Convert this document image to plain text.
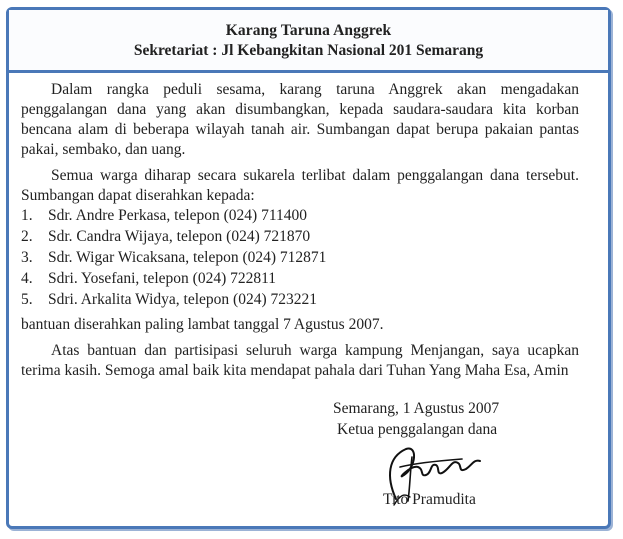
Karang Taruna Anggrek
Sekretariat : Jl Kebangkitan Nasional 201 Semarang

Dalam rangka peduli sesama, karang taruna Anggrek akan mengadakan penggalangan dana yang akan disumbangkan, kepada saudara-saudara kita korban bencana alam di beberapa wilayah tanah air. Sumbangan dapat berupa pakaian pantas pakai, sembako, dan uang.

Semua warga diharap secara sukarela terlibat dalam penggalangan dana tersebut. Sumbangan dapat diserahkan kepada:

1. Sdr. Andre Perkasa, telepon (024) 711400
2. Sdr. Candra Wijaya, telepon (024) 721870
3. Sdr. Wigar Wicaksana, telepon (024) 712871
4. Sdri. Yosefani, telepon (024) 722811
5. Sdri. Arkalita Widya, telepon (024) 723221

bantuan diserahkan paling lambat tanggal 7 Agustus 2007.

Atas bantuan dan partisipasi seluruh warga kampung Menjangan, saya ucapkan terima kasih. Semoga amal baik kita mendapat pahala dari Tuhan Yang Maha Esa, Amin

Semarang, 1 Agustus 2007
Ketua penggalangan dana
Tito Pramudita
